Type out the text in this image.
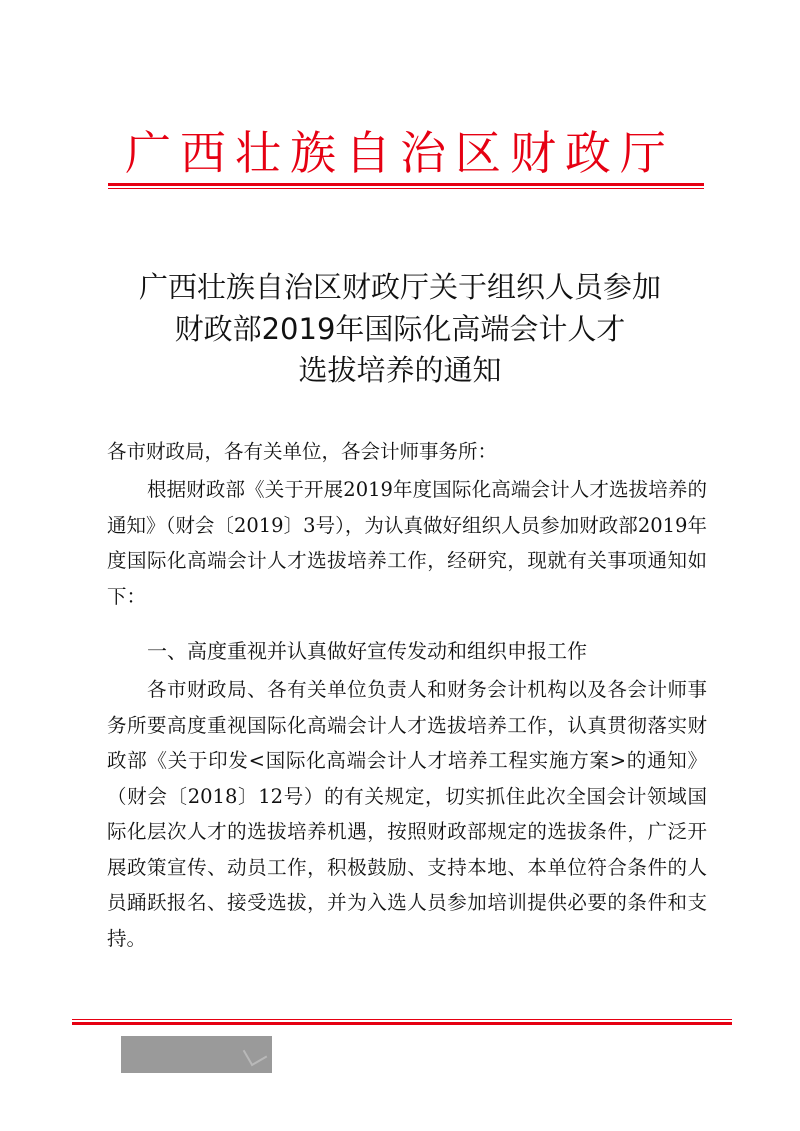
广西壮族自治区财政厅
广西壮族自治区财政厅关于组织人员参加
财政部2019年国际化高端会计人才
选拔培养的通知
各市财政局，各有关单位，各会计师事务所：
根据财政部《关于开展2019年度国际化高端会计人才选拔培养的通知》（财会〔2019〕3号），为认真做好组织人员参加财政部2019年度国际化高端会计人才选拔培养工作，经研究，现就有关事项通知如下：
一、高度重视并认真做好宣传发动和组织申报工作
各市财政局、各有关单位负责人和财务会计机构以及各会计师事务所要高度重视国际化高端会计人才选拔培养工作，认真贯彻落实财政部《关于印发<国际化高端会计人才培养工程实施方案>的通知》（财会〔2018〕12号）的有关规定，切实抓住此次全国会计领域国际化层次人才的选拔培养机遇，按照财政部规定的选拔条件，广泛开展政策宣传、动员工作，积极鼓励、支持本地、本单位符合条件的人员踊跃报名、接受选拔，并为入选人员参加培训提供必要的条件和支持。
